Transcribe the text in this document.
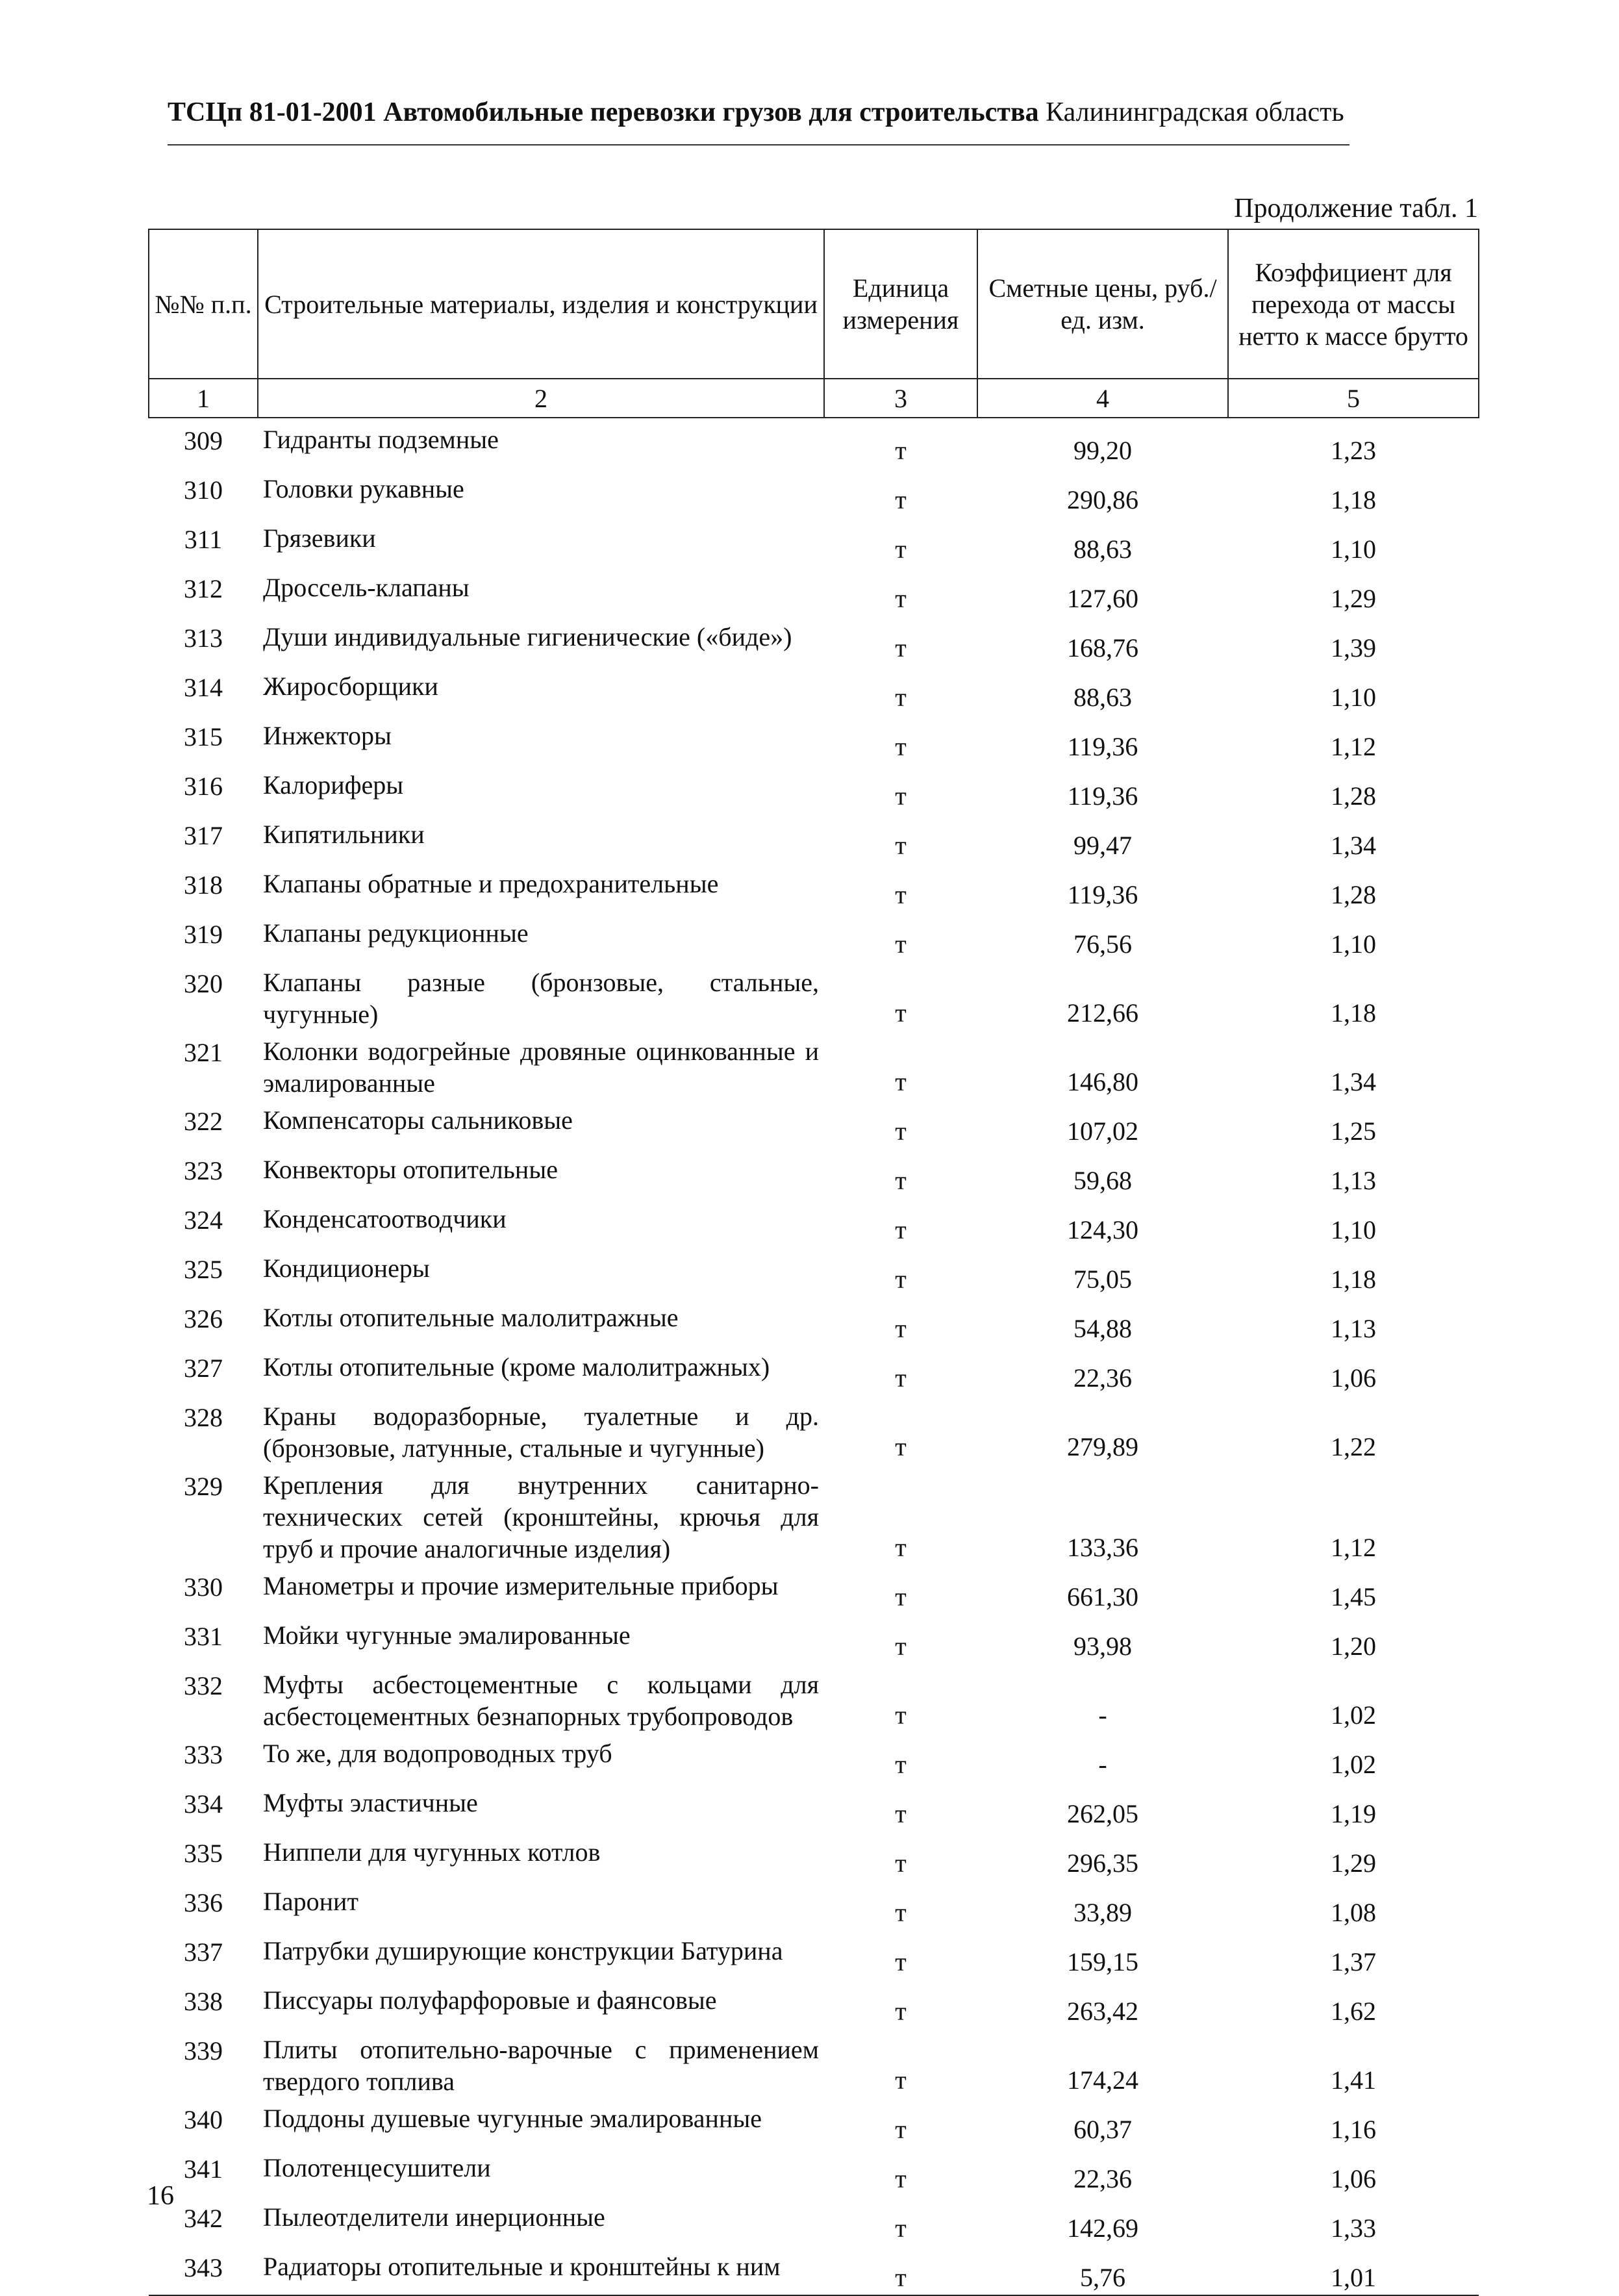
ТСЦп 81-01-2001 Автомобильные перевозки грузов для строительства Калининградская область
Продолжение табл. 1
№№ п.п.	Строительные материалы, изделия и конструкции	Единица измерения	Сметные цены, руб./ед. изм.	Коэффициент для перехода от массы нетто к массе брутто
1	2	3	4	5
309	Гидранты подземные	т	99,20	1,23
310	Головки рукавные	т	290,86	1,18
311	Грязевики	т	88,63	1,10
312	Дроссель-клапаны	т	127,60	1,29
313	Души индивидуальные гигиенические («биде»)	т	168,76	1,39
314	Жиросборщики	т	88,63	1,10
315	Инжекторы	т	119,36	1,12
316	Калориферы	т	119,36	1,28
317	Кипятильники	т	99,47	1,34
318	Клапаны обратные и предохранительные	т	119,36	1,28
319	Клапаны редукционные	т	76,56	1,10
320	Клапаны разные (бронзовые, стальные, чугунные)	т	212,66	1,18
321	Колонки водогрейные дровяные оцинкованные и эмалированные	т	146,80	1,34
322	Компенсаторы сальниковые	т	107,02	1,25
323	Конвекторы отопительные	т	59,68	1,13
324	Конденсатоотводчики	т	124,30	1,10
325	Кондиционеры	т	75,05	1,18
326	Котлы отопительные малолитражные	т	54,88	1,13
327	Котлы отопительные (кроме малолитражных)	т	22,36	1,06
328	Краны водоразборные, туалетные и др. (бронзовые, латунные, стальные и чугунные)	т	279,89	1,22
329	Крепления для внутренних санитарно-технических сетей (кронштейны, крючья для труб и прочие аналогичные изделия)	т	133,36	1,12
330	Манометры и прочие измерительные приборы	т	661,30	1,45
331	Мойки чугунные эмалированные	т	93,98	1,20
332	Муфты асбестоцементные с кольцами для асбестоцементных безнапорных трубопроводов	т	-	1,02
333	То же, для водопроводных труб	т	-	1,02
334	Муфты эластичные	т	262,05	1,19
335	Ниппели для чугунных котлов	т	296,35	1,29
336	Паронит	т	33,89	1,08
337	Патрубки душирующие конструкции Батурина	т	159,15	1,37
338	Писсуары полуфарфоровые и фаянсовые	т	263,42	1,62
339	Плиты отопительно-варочные с применением твердого топлива	т	174,24	1,41
340	Поддоны душевые чугунные эмалированные	т	60,37	1,16
341	Полотенцесушители	т	22,36	1,06
342	Пылеотделители инерционные	т	142,69	1,33
343	Радиаторы отопительные и кронштейны к ним	т	5,76	1,01
16
